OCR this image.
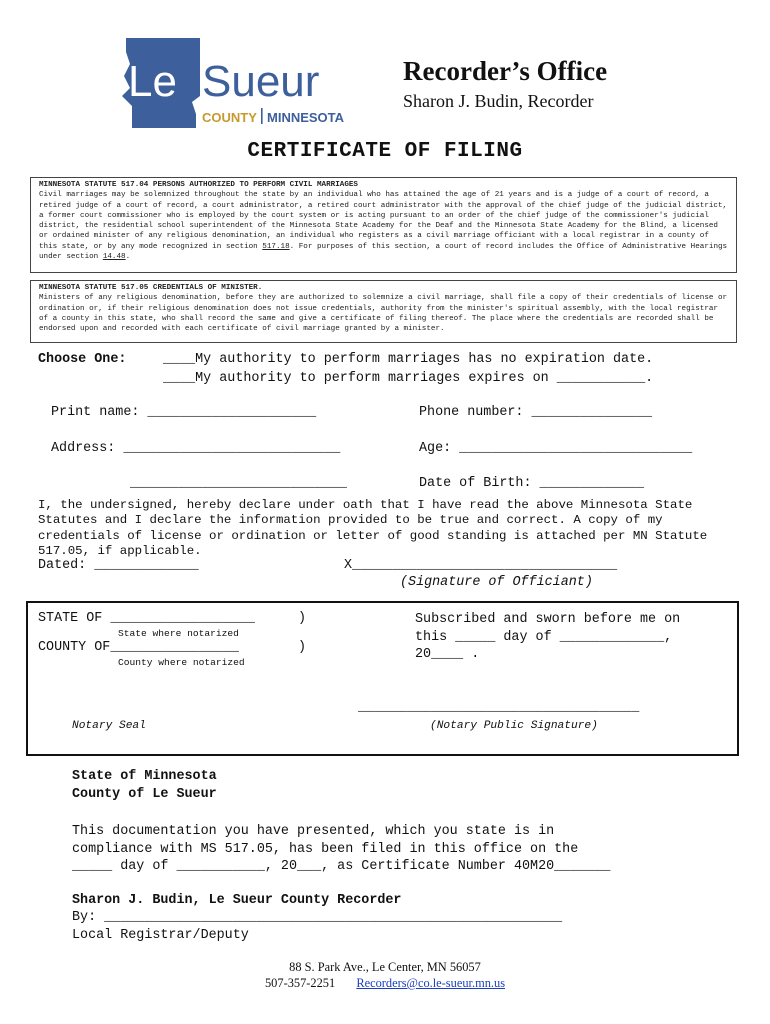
Le Sueur
COUNTY MINNESOTA
Recorder’s Office
Sharon J. Budin, Recorder
CERTIFICATE OF FILING
MINNESOTA STATUTE 517.04 PERSONS AUTHORIZED TO PERFORM CIVIL MARRIAGES
Civil marriages may be solemnized throughout the state by an individual who has attained the age of 21 years and is a judge of a court of record, a retired judge of a court of record, a court administrator, a retired court administrator with the approval of the chief judge of the judicial district, a former court commissioner who is employed by the court system or is acting pursuant to an order of the chief judge of the commissioner's judicial district, the residential school superintendent of the Minnesota State Academy for the Deaf and the Minnesota State Academy for the Blind, a licensed or ordained minister of any religious denomination, an individual who registers as a civil marriage officiant with a local registrar in a county of this state, or by any mode recognized in section 517.18. For purposes of this section, a court of record includes the Office of Administrative Hearings under section 14.48.
MINNESOTA STATUTE 517.05 CREDENTIALS OF MINISTER.
Ministers of any religious denomination, before they are authorized to solemnize a civil marriage, shall file a copy of their credentials of license or ordination or, if their religious denomination does not issue credentials, authority from the minister's spiritual assembly, with the local registrar of a county in this state, who shall record the same and give a certificate of filing thereof. The place where the credentials are recorded shall be endorsed upon and recorded with each certificate of civil marriage granted by a minister.
Choose One:	____My authority to perform marriages has no expiration date.
____My authority to perform marriages expires on ___________.
Print name: _____________________	Phone number: _______________
Address: ___________________________	Age: _____________________________
___________________________	Date of Birth: _____________
I, the undersigned, hereby declare under oath that I have read the above Minnesota State
Statutes and I declare the information provided to be true and correct. A copy of my
credentials of license or ordination or letter of good standing is attached per MN Statute
517.05, if applicable.
Dated: _____________	X_________________________________
(Signature of Officiant)
STATE OF __________________	)
State where notarized
COUNTY OF________________	)
County where notarized
Subscribed and sworn before me on
this _____ day of _____________,
20____ .
___________________________________
Notary Seal	(Notary Public Signature)
State of Minnesota
County of Le Sueur
This documentation you have presented, which you state is in
compliance with MS 517.05, has been filed in this office on the
_____ day of ___________, 20___, as Certificate Number 40M20_______
Sharon J. Budin, Le Sueur County Recorder
By: _________________________________________________________
Local Registrar/Deputy
88 S. Park Ave., Le Center, MN 56057
507-357-2251 Recorders@co.le-sueur.mn.us
